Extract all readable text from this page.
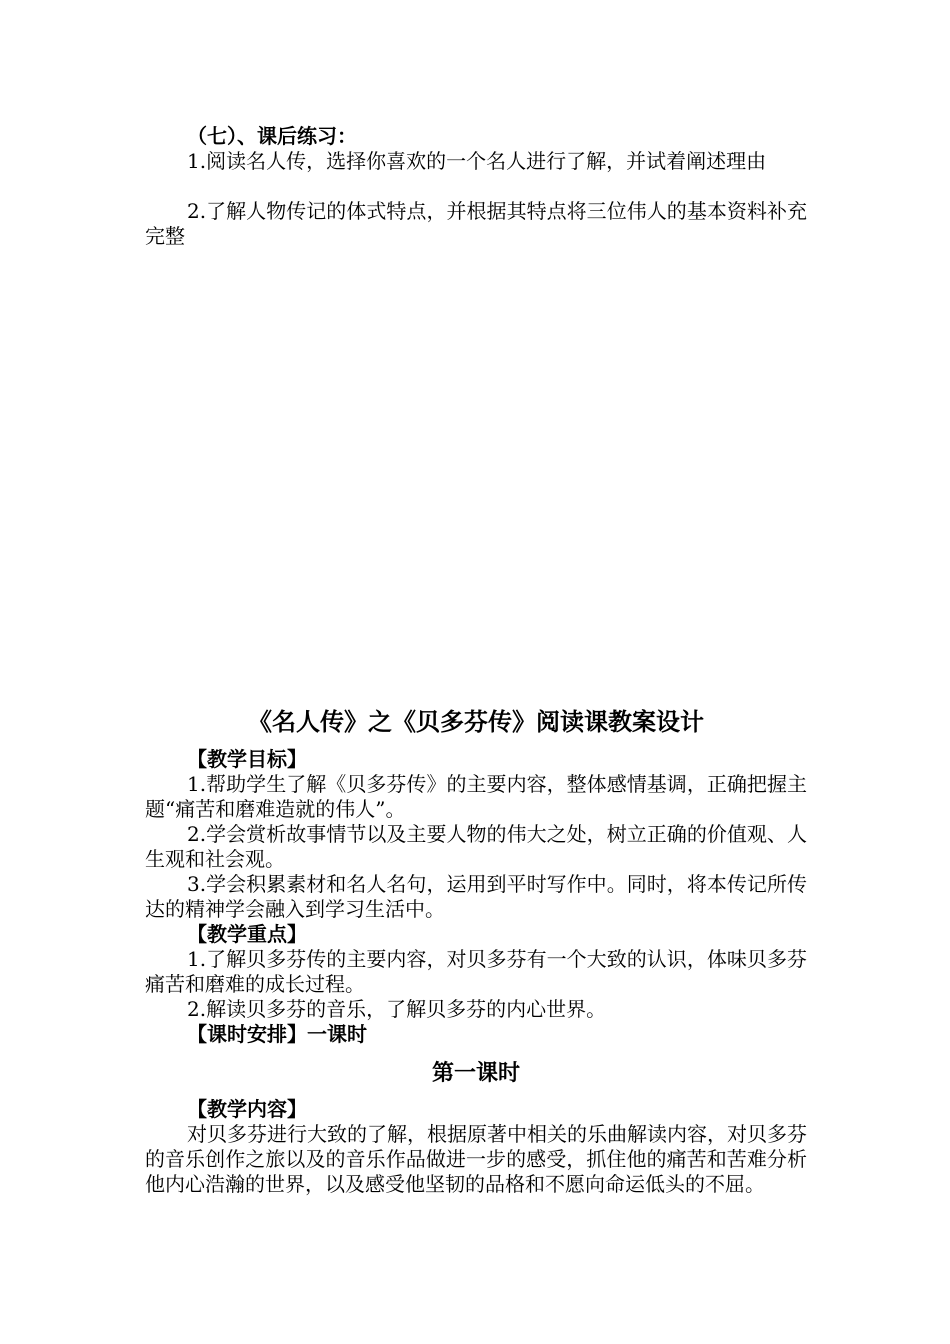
（七）、课后练习：

1.阅读名人传，选择你喜欢的一个名人进行了解，并试着阐述理由

2.了解人物传记的体式特点，并根据其特点将三位伟人的基本资料补充完整

《名人传》之《贝多芬传》阅读课教案设计

【教学目标】

1.帮助学生了解《贝多芬传》的主要内容，整体感情基调，正确把握主题“痛苦和磨难造就的伟人”。

2.学会赏析故事情节以及主要人物的伟大之处，树立正确的价值观、人生观和社会观。

3.学会积累素材和名人名句，运用到平时写作中。同时，将本传记所传达的精神学会融入到学习生活中。

【教学重点】

1.了解贝多芬传的主要内容，对贝多芬有一个大致的认识，体味贝多芬痛苦和磨难的成长过程。

2.解读贝多芬的音乐，了解贝多芬的内心世界。

【课时安排】一课时

第一课时

【教学内容】

对贝多芬进行大致的了解，根据原著中相关的乐曲解读内容，对贝多芬的音乐创作之旅以及的音乐作品做进一步的感受，抓住他的痛苦和苦难分析他内心浩瀚的世界，以及感受他坚韧的品格和不愿向命运低头的不屈。
